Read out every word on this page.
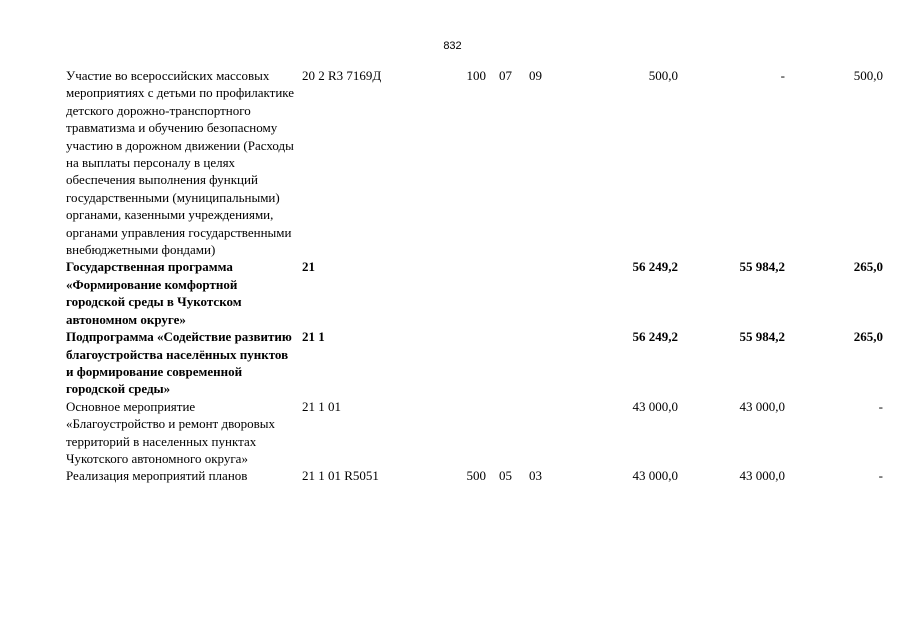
832
Участие во всероссийских массовых мероприятиях с детьми по профилактике детского дорожно-транспортного травматизма и обучению безопасному участию в дорожном движении (Расходы на выплаты персоналу в целях обеспечения выполнения функций государственными (муниципальными) органами, казенными учреждениями, органами управления государственными внебюджетными фондами)	20 2 R3 7169Д	100	07	09	500,0	-	500,0
Государственная программа «Формирование комфортной городской среды в Чукотском автономном округе»	21				56 249,2	55 984,2	265,0
Подпрограмма «Содействие развитию благоустройства населённых пунктов и формирование современной городской среды»	21 1				56 249,2	55 984,2	265,0
Основное мероприятие «Благоустройство и ремонт дворовых территорий в населенных пунктах Чукотского автономного округа»	21 1 01				43 000,0	43 000,0	-
Реализация мероприятий планов	21 1 01 R5051	500	05	03	43 000,0	43 000,0	-
